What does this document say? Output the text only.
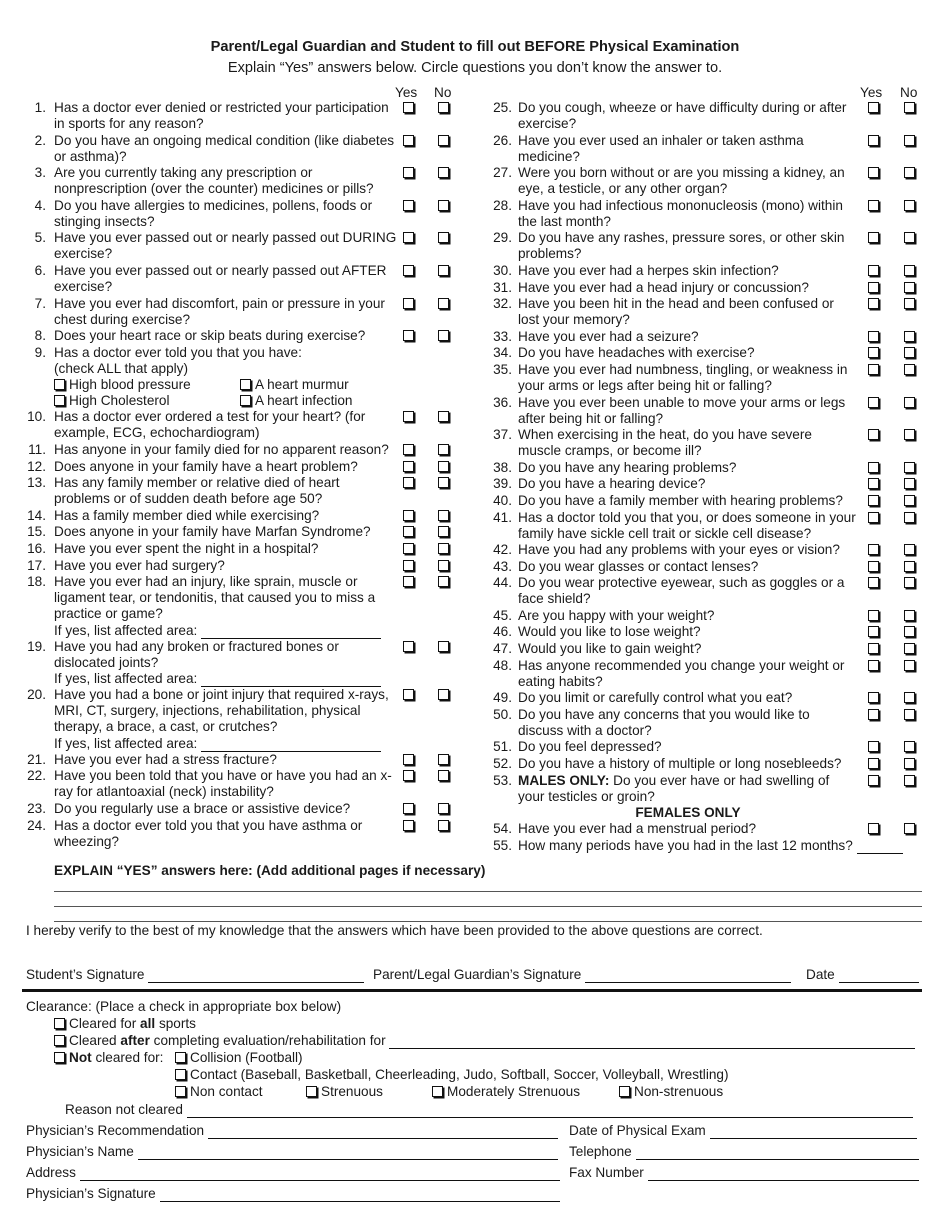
Parent/Legal Guardian and Student to fill out BEFORE Physical Examination
Explain “Yes” answers below. Circle questions you don’t know the answer to.
Yes No
1. Has a doctor ever denied or restricted your participation in sports for any reason?
2. Do you have an ongoing medical condition (like diabetes or asthma)?
3. Are you currently taking any prescription or nonprescription (over the counter) medicines or pills?
4. Do you have allergies to medicines, pollens, foods or stinging insects?
5. Have you ever passed out or nearly passed out DURING exercise?
6. Have you ever passed out or nearly passed out AFTER exercise?
7. Have you ever had discomfort, pain or pressure in your chest during exercise?
8. Does your heart race or skip beats during exercise?
9. Has a doctor ever told you that you have:
(check ALL that apply)
High blood pressure	A heart murmur
High Cholesterol	A heart infection
10. Has a doctor ever ordered a test for your heart? (for example, ECG, echochardiogram)
11. Has anyone in your family died for no apparent reason?
12. Does anyone in your family have a heart problem?
13. Has any family member or relative died of heart problems or of sudden death before age 50?
14. Has a family member died while exercising?
15. Does anyone in your family have Marfan Syndrome?
16. Have you ever spent the night in a hospital?
17. Have you ever had surgery?
18. Have you ever had an injury, like sprain, muscle or ligament tear, or tendonitis, that caused you to miss a practice or game?
If yes, list affected area:
19. Have you had any broken or fractured bones or dislocated joints?
If yes, list affected area:
20. Have you had a bone or joint injury that required x-rays, MRI, CT, surgery, injections, rehabilitation, physical therapy, a brace, a cast, or crutches?
If yes, list affected area:
21. Have you ever had a stress fracture?
22. Have you been told that you have or have you had an x-ray for atlantoaxial (neck) instability?
23. Do you regularly use a brace or assistive device?
24. Has a doctor ever told you that you have asthma or wheezing?
Yes No
25. Do you cough, wheeze or have difficulty during or after exercise?
26. Have you ever used an inhaler or taken asthma medicine?
27. Were you born without or are you missing a kidney, an eye, a testicle, or any other organ?
28. Have you had infectious mononucleosis (mono) within the last month?
29. Do you have any rashes, pressure sores, or other skin problems?
30. Have you ever had a herpes skin infection?
31. Have you ever had a head injury or concussion?
32. Have you been hit in the head and been confused or lost your memory?
33. Have you ever had a seizure?
34. Do you have headaches with exercise?
35. Have you ever had numbness, tingling, or weakness in your arms or legs after being hit or falling?
36. Have you ever been unable to move your arms or legs after being hit or falling?
37. When exercising in the heat, do you have severe muscle cramps, or become ill?
38. Do you have any hearing problems?
39. Do you have a hearing device?
40. Do you have a family member with hearing problems?
41. Has a doctor told you that you, or does someone in your family have sickle cell trait or sickle cell disease?
42. Have you had any problems with your eyes or vision?
43. Do you wear glasses or contact lenses?
44. Do you wear protective eyewear, such as goggles or a face shield?
45. Are you happy with your weight?
46. Would you like to lose weight?
47. Would you like to gain weight?
48. Has anyone recommended you change your weight or eating habits?
49. Do you limit or carefully control what you eat?
50. Do you have any concerns that you would like to discuss with a doctor?
51. Do you feel depressed?
52. Do you have a history of multiple or long nosebleeds?
53. MALES ONLY: Do you ever have or had swelling of your testicles or groin?
FEMALES ONLY
54. Have you ever had a menstrual period?
55. How many periods have you had in the last 12 months?
EXPLAIN “YES” answers here: (Add additional pages if necessary)
I hereby verify to the best of my knowledge that the answers which have been provided to the above questions are correct.
Student’s Signature	Parent/Legal Guardian’s Signature	Date
Clearance: (Place a check in appropriate box below)
Cleared for all sports
Cleared after completing evaluation/rehabilitation for
Not cleared for:	Collision (Football)
Contact (Baseball, Basketball, Cheerleading, Judo, Softball, Soccer, Volleyball, Wrestling)
Non contact	Strenuous	Moderately Strenuous	Non-strenuous
Reason not cleared
Physician’s Recommendation	Date of Physical Exam
Physician’s Name	Telephone
Address	Fax Number
Physician’s Signature
